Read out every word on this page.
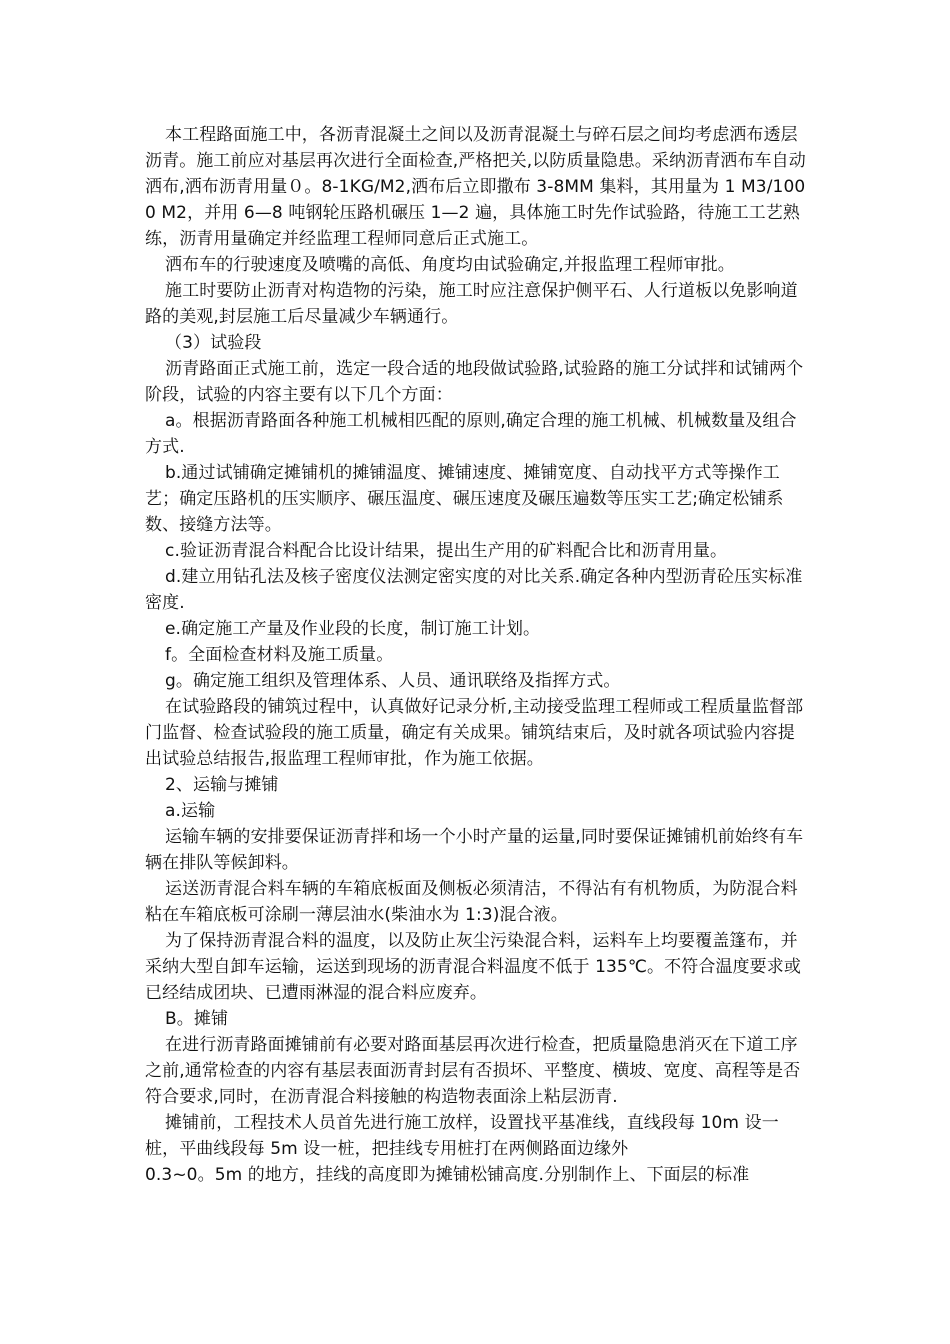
本工程路面施工中，各沥青混凝土之间以及沥青混凝土与碎石层之间均考虑洒布透层沥青。施工前应对基层再次进行全面检查,严格把关,以防质量隐患。采纳沥青洒布车自动洒布,洒布沥青用量０。8-1KG/M2,洒布后立即撒布 3-8MM 集料，其用量为 1 M3/1000 M2，并用 6—8 吨钢轮压路机碾压 1—2 遍，具体施工时先作试验路，待施工工艺熟练，沥青用量确定并经监理工程师同意后正式施工。

洒布车的行驶速度及喷嘴的高低、角度均由试验确定,并报监理工程师审批。

施工时要防止沥青对构造物的污染，施工时应注意保护侧平石、人行道板以免影响道路的美观,封层施工后尽量减少车辆通行。

（3）试验段

沥青路面正式施工前，选定一段合适的地段做试验路,试验路的施工分试拌和试铺两个阶段，试验的内容主要有以下几个方面：

a。根据沥青路面各种施工机械相匹配的原则,确定合理的施工机械、机械数量及组合方式.

b.通过试铺确定摊铺机的摊铺温度、摊铺速度、摊铺宽度、自动找平方式等操作工艺；确定压路机的压实顺序、碾压温度、碾压速度及碾压遍数等压实工艺;确定松铺系数、接缝方法等。

c.验证沥青混合料配合比设计结果，提出生产用的矿料配合比和沥青用量。

d.建立用钻孔法及核子密度仪法测定密实度的对比关系.确定各种内型沥青砼压实标准密度.

e.确定施工产量及作业段的长度，制订施工计划。

f。全面检查材料及施工质量。

g。确定施工组织及管理体系、人员、通讯联络及指挥方式。

在试验路段的铺筑过程中，认真做好记录分析,主动接受监理工程师或工程质量监督部门监督、检查试验段的施工质量，确定有关成果。铺筑结束后，及时就各项试验内容提出试验总结报告,报监理工程师审批，作为施工依据。

2、运输与摊铺

a.运输

运输车辆的安排要保证沥青拌和场一个小时产量的运量,同时要保证摊铺机前始终有车辆在排队等候卸料。

运送沥青混合料车辆的车箱底板面及侧板必须清洁，不得沾有有机物质，为防混合料粘在车箱底板可涂刷一薄层油水(柴油水为 1:3)混合液。

为了保持沥青混合料的温度，以及防止灰尘污染混合料，运料车上均要覆盖篷布，并采纳大型自卸车运输，运送到现场的沥青混合料温度不低于 135℃。不符合温度要求或已经结成团块、已遭雨淋湿的混合料应废弃。

B。摊铺

在进行沥青路面摊铺前有必要对路面基层再次进行检查，把质量隐患消灭在下道工序之前,通常检查的内容有基层表面沥青封层有否损坏、平整度、横坡、宽度、高程等是否符合要求,同时，在沥青混合料接触的构造物表面涂上粘层沥青.

摊铺前，工程技术人员首先进行施工放样，设置找平基准线，直线段每 10m 设一桩，平曲线段每 5m 设一桩，把挂线专用桩打在两侧路面边缘外

0.3~0。5m 的地方，挂线的高度即为摊铺松铺高度.分别制作上、下面层的标准
